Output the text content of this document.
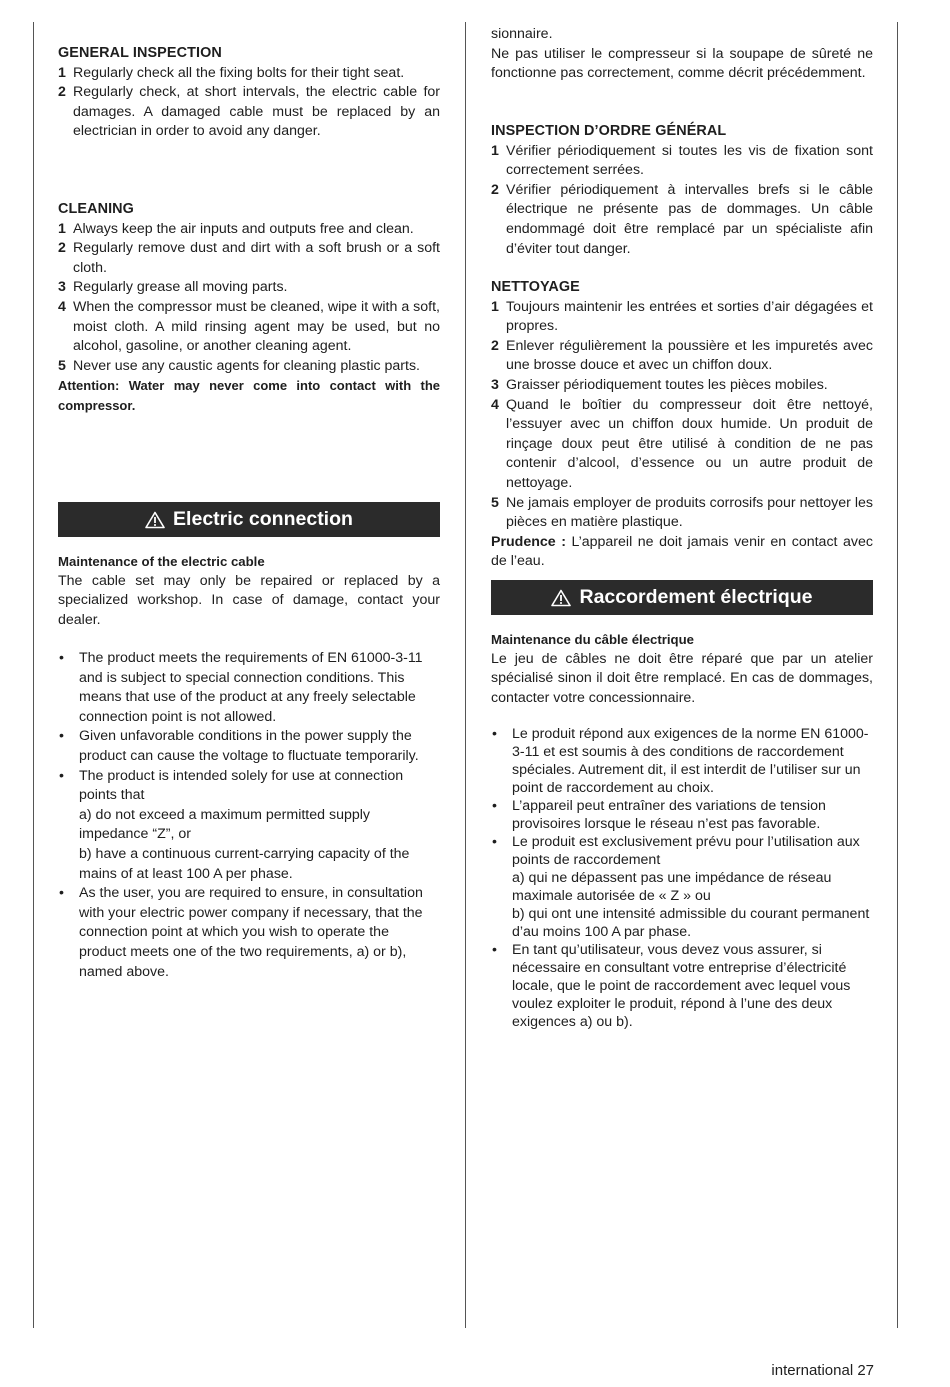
GENERAL INSPECTION

1 Regularly check all the fixing bolts for their tight seat.
2 Regularly check, at short intervals, the electric cable for damages. A damaged cable must be replaced by an electrician in order to avoid any danger.

CLEANING

1 Always keep the air inputs and outputs free and clean.
2 Regularly remove dust and dirt with a soft brush or a soft cloth.
3 Regularly grease all moving parts.
4 When the compressor must be cleaned, wipe it with a soft, moist cloth. A mild rinsing agent may be used, but no alcohol, gasoline, or another cleaning agent.
5 Never use any caustic agents for cleaning plastic parts.

Attention: Water may never come into contact with the compressor.

Electric connection

Maintenance of the electric cable

The cable set may only be repaired or replaced by a specialized workshop. In case of damage, contact your dealer.

• The product meets the requirements of EN 61000-3-11 and is subject to special connection conditions. This means that use of the product at any freely selectable connection point is not allowed.
• Given unfavorable conditions in the power supply the product can cause the voltage to fluctuate temporarily.
• The product is intended solely for use at connection points that
a) do not exceed a maximum permitted supply impedance “Z”, or
b) have a continuous current-carrying capacity of the mains of at least 100 A per phase.
• As the user, you are required to ensure, in consultation with your electric power company if necessary, that the connection point at which you wish to operate the product meets one of the two requirements, a) or b), named above.

sionnaire.

Ne pas utiliser le compresseur si la soupape de sûreté ne fonctionne pas correctement, comme décrit précédemment.

INSPECTION D’ORDRE GÉNÉRAL

1 Vérifier périodiquement si toutes les vis de fixation sont correctement serrées.
2 Vérifier périodiquement à intervalles brefs si le câble électrique ne présente pas de dommages. Un câble endommagé doit être remplacé par un spécialiste afin d’éviter tout danger.

NETTOYAGE

1 Toujours maintenir les entrées et sorties d’air dégagées et propres.
2 Enlever régulièrement la poussière et les impuretés avec une brosse douce et avec un chiffon doux.
3 Graisser périodiquement toutes les pièces mobiles.
4 Quand le boîtier du compresseur doit être nettoyé, l’essuyer avec un chiffon doux humide. Un produit de rinçage doux peut être utilisé à condition de ne pas contenir d’alcool, d’essence ou un autre produit de nettoyage.
5 Ne jamais employer de produits corrosifs pour nettoyer les pièces en matière plastique.

Prudence : L’appareil ne doit jamais venir en contact avec de l’eau.

Raccordement électrique

Maintenance du câble électrique

Le jeu de câbles ne doit être réparé que par un atelier spécialisé sinon il doit être remplacé. En cas de dommages, contacter votre concessionnaire.

• Le produit répond aux exigences de la norme EN 61000-3-11 et est soumis à des conditions de raccordement spéciales. Autrement dit, il est interdit de l’utiliser sur un point de raccordement au choix.
• L’appareil peut entraîner des variations de tension provisoires lorsque le réseau n’est pas favorable.
• Le produit est exclusivement prévu pour l’utilisation aux points de raccordement
a) qui ne dépassent pas une impédance de réseau maximale autorisée de « Z » ou
b) qui ont une intensité admissible du courant permanent d’au moins 100 A par phase.
• En tant qu’utilisateur, vous devez vous assurer, si nécessaire en consultant votre entreprise d’électricité locale, que le point de raccordement avec lequel vous voulez exploiter le produit, répond à l’une des deux exigences a) ou b).
international 27
